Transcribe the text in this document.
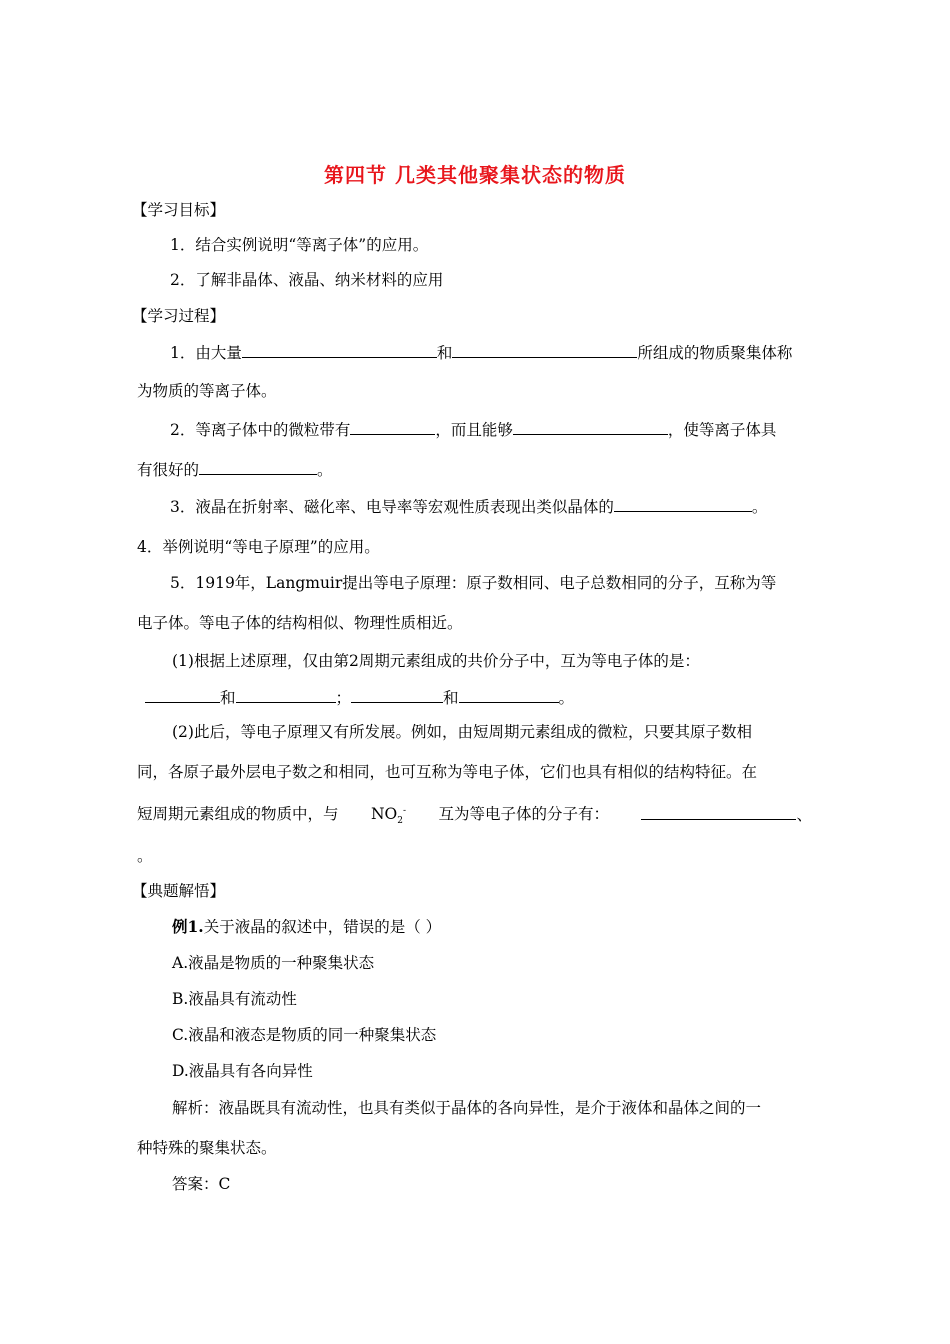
第四节 几类其他聚集状态的物质
【学习目标】
1．结合实例说明“等离子体”的应用。
2．了解非晶体、液晶、纳米材料的应用
【学习过程】
1．由大量	和	所组成的物质聚集体称
为物质的等离子体。
2．等离子体中的微粒带有	，而且能够	，使等离子体具
有很好的	。
3．液晶在折射率、磁化率、电导率等宏观性质表现出类似晶体的	。
4．举例说明“等电子原理”的应用。
5．1919年，Langmuir提出等电子原理：原子数相同、电子总数相同的分子，互称为等
电子体。等电子体的结构相似、物理性质相近。
(1)根据上述原理，仅由第2周期元素组成的共价分子中，互为等电子体的是：
和	；	和	。
(2)此后，等电子原理又有所发展。例如，由短周期元素组成的微粒，只要其原子数相
同，各原子最外层电子数之和相同，也可互称为等电子体，它们也具有相似的结构特征。在
短周期元素组成的物质中，与 $NO_2^-$ 互为等电子体的分子有：	、
。
【典题解悟】
例1.关于液晶的叙述中，错误的是（ ）
A.液晶是物质的一种聚集状态
B.液晶具有流动性
C.液晶和液态是物质的同一种聚集状态
D.液晶具有各向异性
解析：液晶既具有流动性，也具有类似于晶体的各向异性，是介于液体和晶体之间的一
种特殊的聚集状态。
答案：C
